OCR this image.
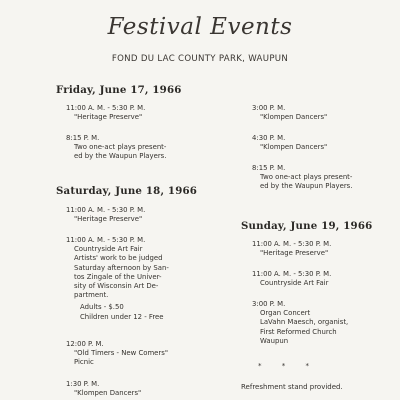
Festival Events
FOND DU LAC COUNTY PARK, WAUPUN
Friday, June 17, 1966
11:00 A. M. - 5:30 P. M.
"Heritage Preserve"
8:15 P. M.
Two one-act plays present-
ed by the Waupun Players.
Saturday, June 18, 1966
11:00 A. M. - 5:30 P. M.
"Heritage Preserve"
11:00 A. M. - 5:30 P. M.
Countryside Art Fair
Artists' work to be judged
Saturday afternoon by San-
tos Zingale of the Univer-
sity of Wisconsin Art De-
partment.
Adults - $.50
Children under 12 - Free
12:00 P. M.
"Old Timers - New Comers"
Picnic
1:30 P. M.
"Klompen Dancers"
3:00 P. M.
"Klompen Dancers"
4:30 P. M.
"Klompen Dancers"
8:15 P. M.
Two one-act plays present-
ed by the Waupun Players.
Sunday, June 19, 1966
11:00 A. M. - 5:30 P. M.
"Heritage Preserve"
11:00 A. M. - 5:30 P. M.
Countryside Art Fair
3:00 P. M.
Organ Concert
LaVahn Maesch, organist,
First Reformed Church
Waupun
* * *
Refreshment stand provided.
